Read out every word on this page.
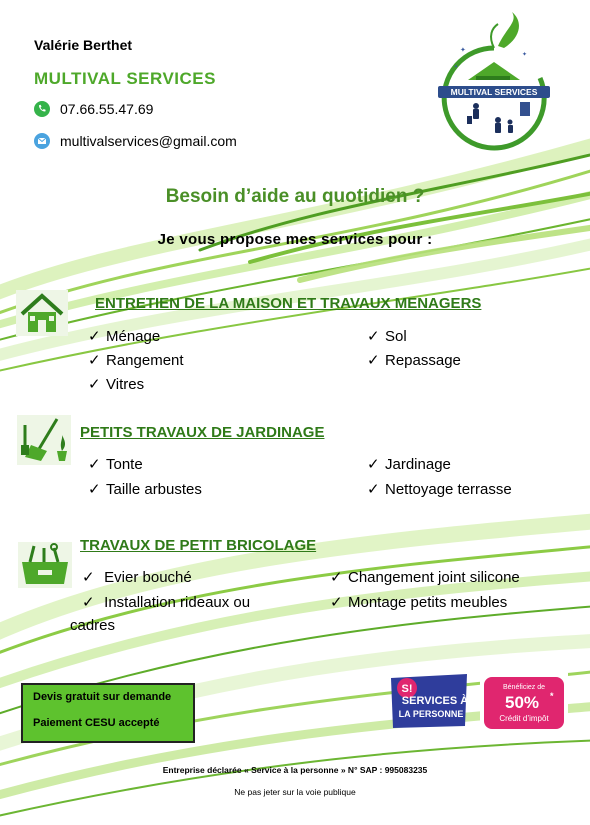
Valérie Berthet
MULTIVAL SERVICES
07.66.55.47.69
multivalservices@gmail.com
✦
✦
✦
MULTIVAL SERVICES
Besoin d’aide au quotidien ?
Je vous propose mes services pour :
ENTRETIEN DE LA MAISON ET TRAVAUX MENAGERS
✓ Ménage
✓ Rangement
✓ Vitres
✓ Sol
✓ Repassage
PETITS TRAVAUX DE JARDINAGE
✓ Tonte
✓ Taille arbustes
✓ Jardinage
✓ Nettoyage terrasse
TRAVAUX DE PETIT BRICOLAGE
✓ Evier bouché
✓ Installation rideaux ou
cadres
✓ Changement joint silicone
✓ Montage petits meubles
Devis gratuit sur demande
Paiement CESU accepté
S!
SERVICES À
LA PERSONNE
Bénéficiez de
50% *
Crédit d’impôt
Entreprise déclarée « Service à la personne » N° SAP : 995083235
Ne pas jeter sur la voie publique
